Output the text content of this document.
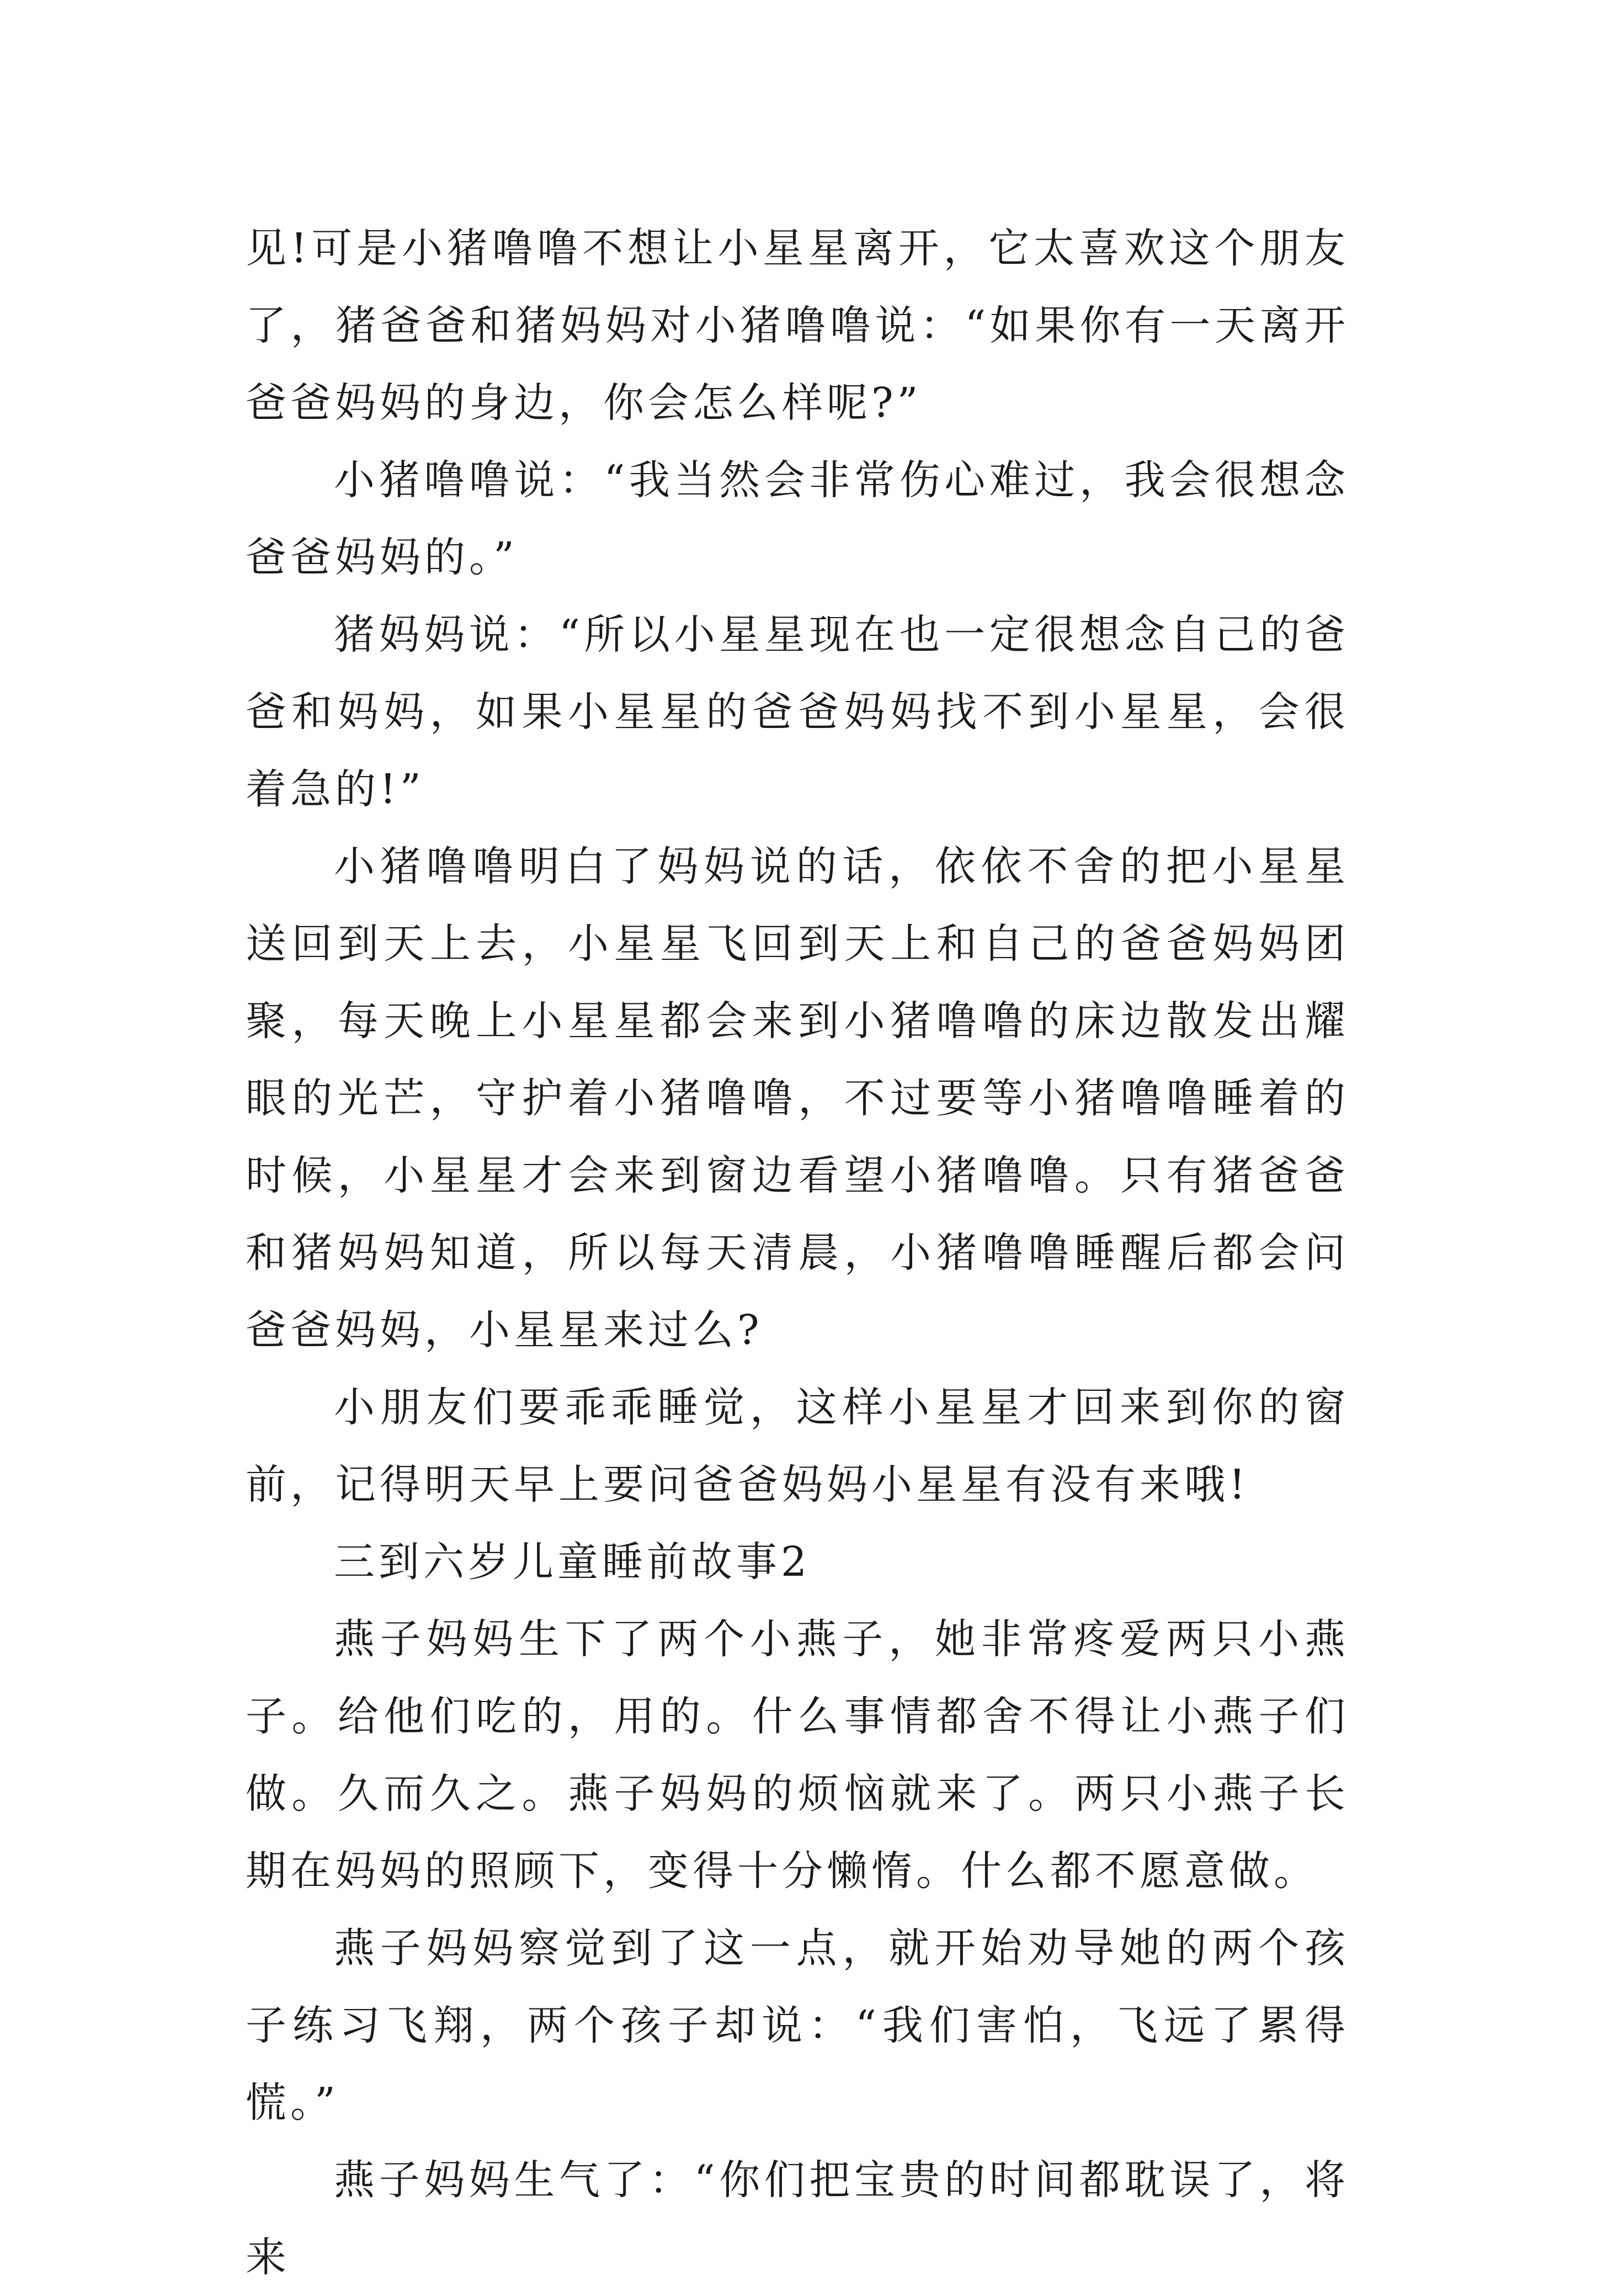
见!可是小猪噜噜不想让小星星离开，它太喜欢这个朋友了，猪爸爸和猪妈妈对小猪噜噜说：“如果你有一天离开爸爸妈妈的身边，你会怎么样呢?”

小猪噜噜说：“我当然会非常伤心难过，我会很想念爸爸妈妈的。”

猪妈妈说：“所以小星星现在也一定很想念自己的爸爸和妈妈，如果小星星的爸爸妈妈找不到小星星，会很着急的!”

小猪噜噜明白了妈妈说的话，依依不舍的把小星星送回到天上去，小星星飞回到天上和自己的爸爸妈妈团聚，每天晚上小星星都会来到小猪噜噜的床边散发出耀眼的光芒，守护着小猪噜噜，不过要等小猪噜噜睡着的时候，小星星才会来到窗边看望小猪噜噜。只有猪爸爸和猪妈妈知道，所以每天清晨，小猪噜噜睡醒后都会问爸爸妈妈，小星星来过么?

小朋友们要乖乖睡觉，这样小星星才回来到你的窗前，记得明天早上要问爸爸妈妈小星星有没有来哦!

三到六岁儿童睡前故事2

燕子妈妈生下了两个小燕子，她非常疼爱两只小燕子。给他们吃的，用的。什么事情都舍不得让小燕子们做。久而久之。燕子妈妈的烦恼就来了。两只小燕子长期在妈妈的照顾下，变得十分懒惰。什么都不愿意做。

燕子妈妈察觉到了这一点，就开始劝导她的两个孩子练习飞翔，两个孩子却说：“我们害怕，飞远了累得慌。”

燕子妈妈生气了：“你们把宝贵的时间都耽误了，将来
